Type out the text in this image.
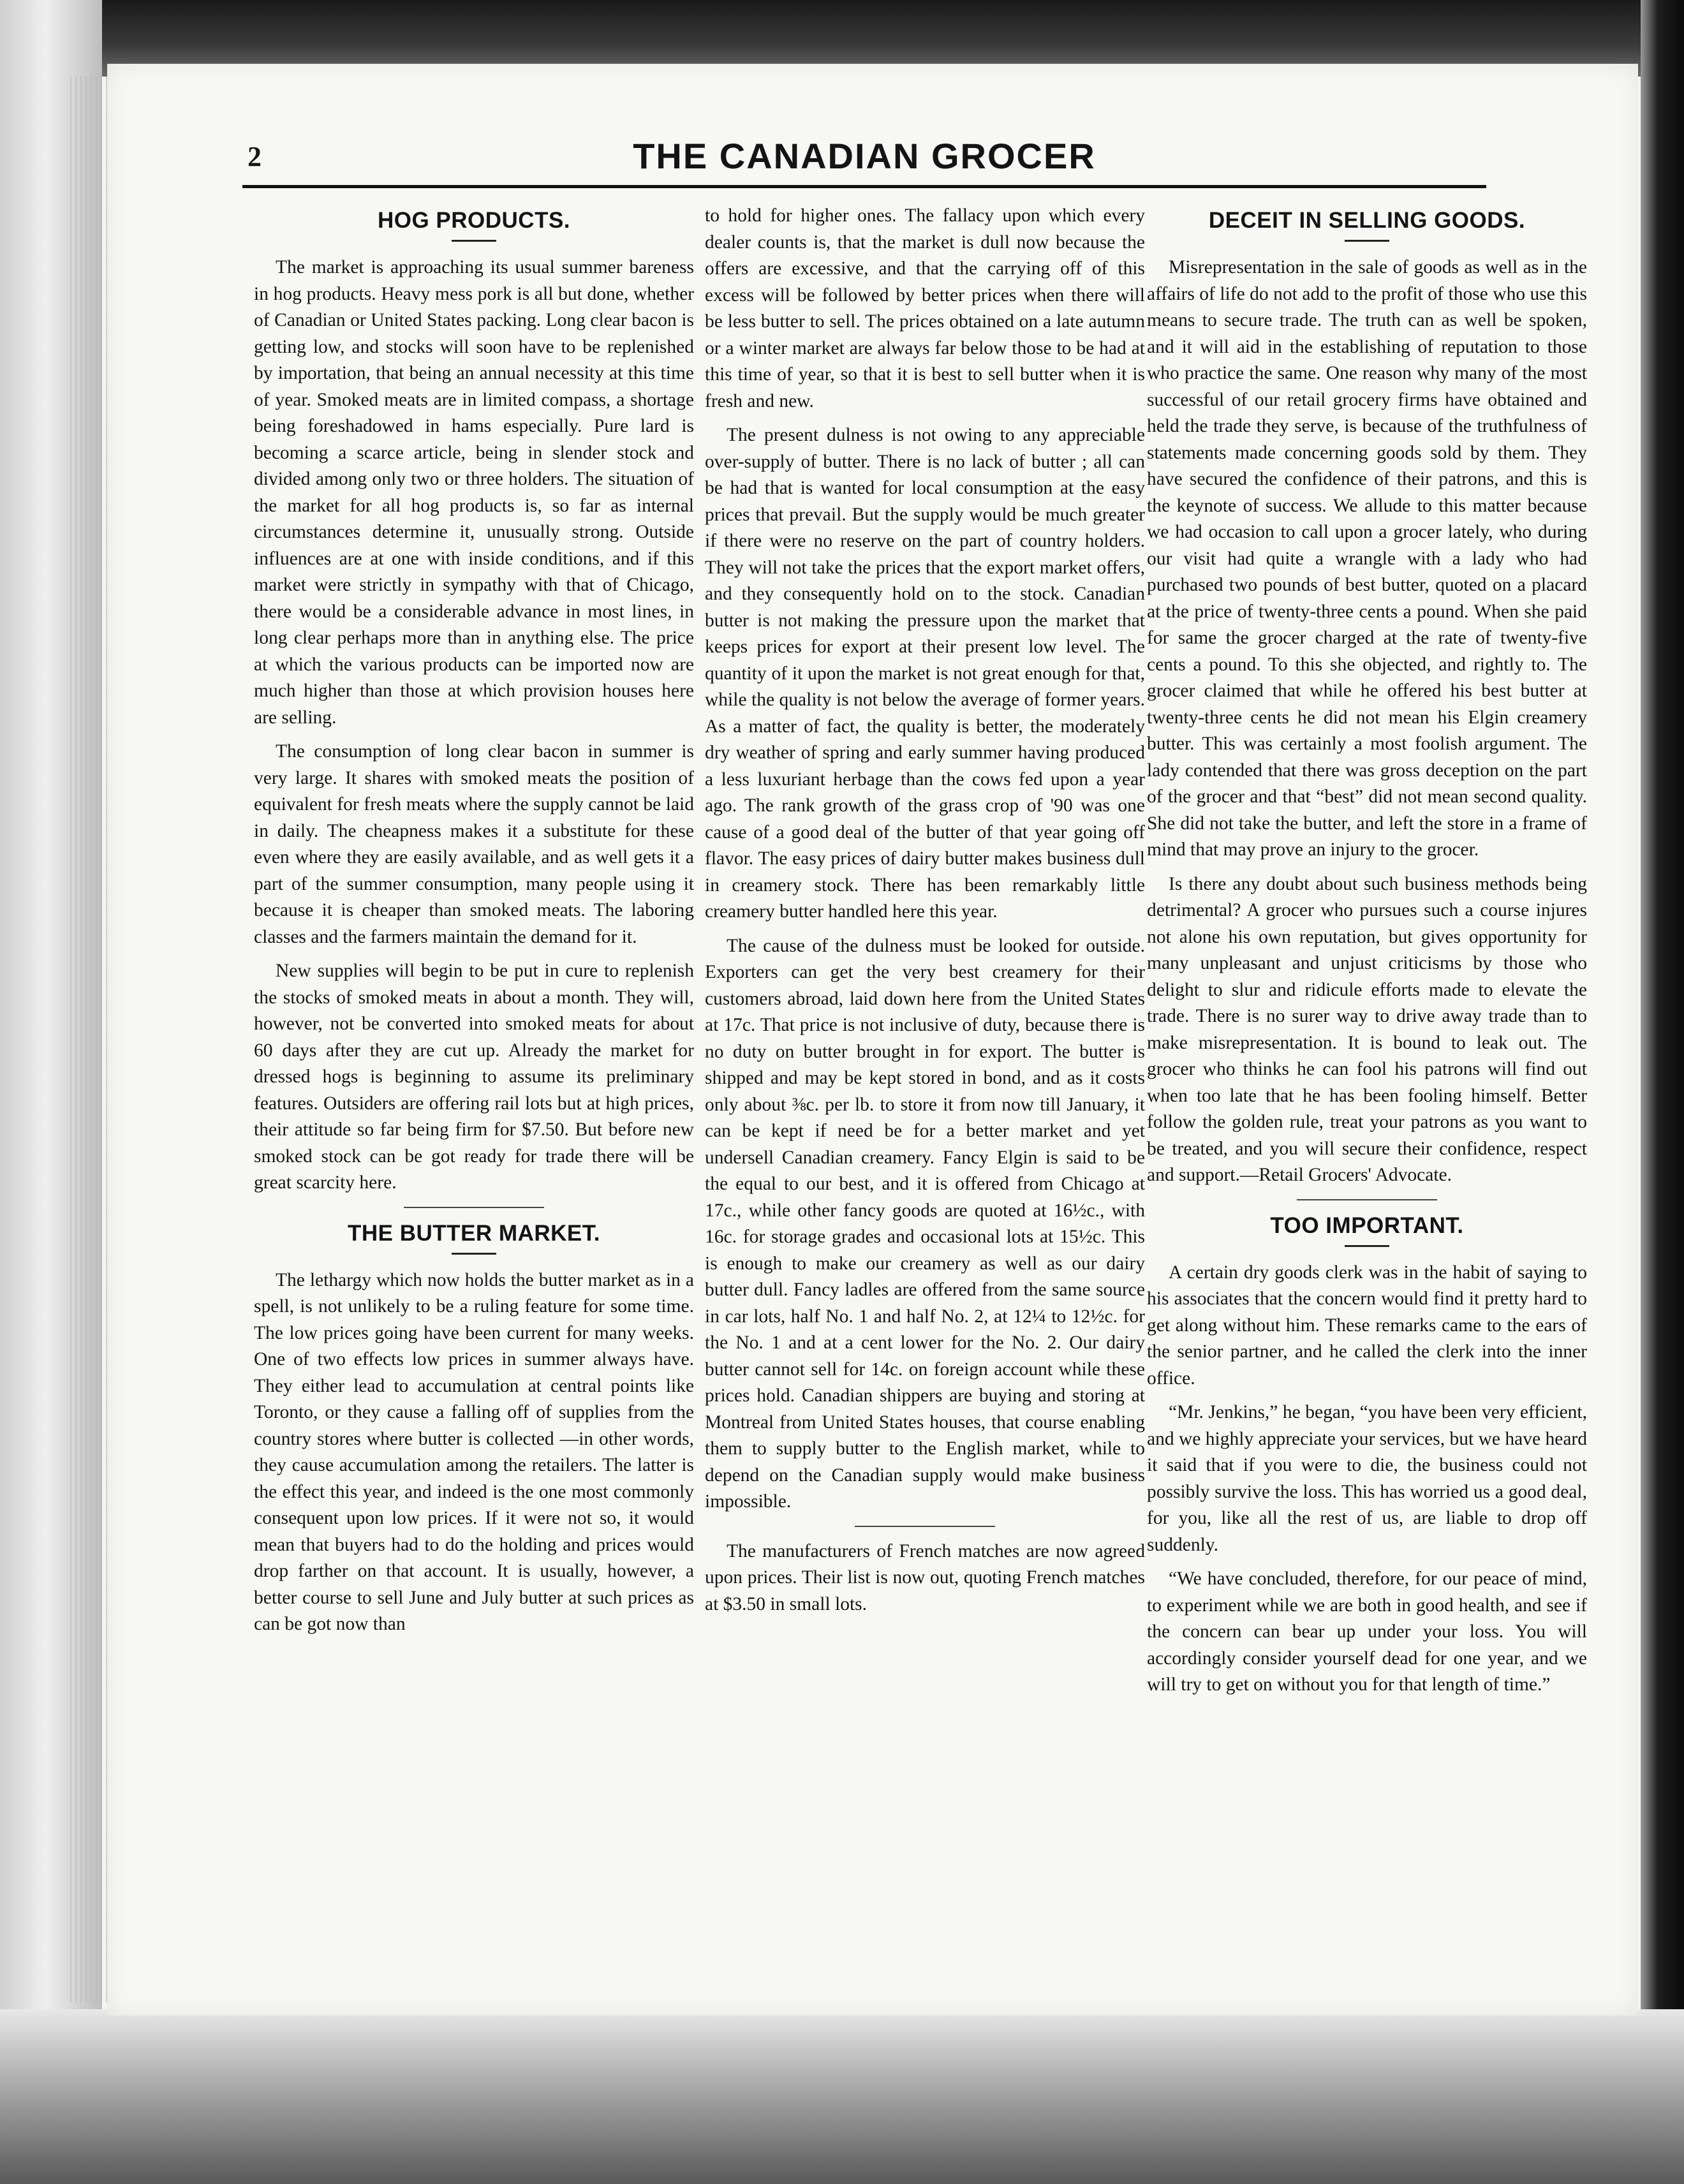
2	THE CANADIAN GROCER
HOG PRODUCTS.

The market is approaching its usual summer bareness in hog products. Heavy mess pork is all but done, whether of Canadian or United States packing. Long clear bacon is getting low, and stocks will soon have to be replenished by importation, that being an annual necessity at this time of year. Smoked meats are in limited compass, a shortage being foreshadowed in hams especially. Pure lard is becoming a scarce article, being in slender stock and divided among only two or three holders. The situation of the market for all hog products is, so far as internal circumstances determine it, unusually strong. Outside influences are at one with inside conditions, and if this market were strictly in sympathy with that of Chicago, there would be a considerable advance in most lines, in long clear perhaps more than in anything else. The price at which the various products can be imported now are much higher than those at which provision houses here are selling.

The consumption of long clear bacon in summer is very large. It shares with smoked meats the position of equivalent for fresh meats where the supply cannot be laid in daily. The cheapness makes it a substitute for these even where they are easily available, and as well gets it a part of the summer consumption, many people using it because it is cheaper than smoked meats. The laboring classes and the farmers maintain the demand for it.

New supplies will begin to be put in cure to replenish the stocks of smoked meats in about a month. They will, however, not be converted into smoked meats for about 60 days after they are cut up. Already the market for dressed hogs is beginning to assume its preliminary features. Outsiders are offering rail lots but at high prices, their attitude so far being firm for $7.50. But before new smoked stock can be got ready for trade there will be great scarcity here.

THE BUTTER MARKET.

The lethargy which now holds the butter market as in a spell, is not unlikely to be a ruling feature for some time. The low prices going have been current for many weeks. One of two effects low prices in summer always have. They either lead to accumulation at central points like Toronto, or they cause a falling off of supplies from the country stores where butter is collected —in other words, they cause accumulation among the retailers. The latter is the effect this year, and indeed is the one most commonly consequent upon low prices. If it were not so, it would mean that buyers had to do the holding and prices would drop farther on that account. It is usually, however, a better course to sell June and July butter at such prices as can be got now than

to hold for higher ones. The fallacy upon which every dealer counts is, that the market is dull now because the offers are excessive, and that the carrying off of this excess will be followed by better prices when there will be less butter to sell. The prices obtained on a late autumn or a winter market are always far below those to be had at this time of year, so that it is best to sell butter when it is fresh and new.

The present dulness is not owing to any appreciable over-supply of butter. There is no lack of butter ; all can be had that is wanted for local consumption at the easy prices that prevail. But the supply would be much greater if there were no reserve on the part of country holders. They will not take the prices that the export market offers, and they consequently hold on to the stock. Canadian butter is not making the pressure upon the market that keeps prices for export at their present low level. The quantity of it upon the market is not great enough for that, while the quality is not below the average of former years. As a matter of fact, the quality is better, the moderately dry weather of spring and early summer having produced a less luxuriant herbage than the cows fed upon a year ago. The rank growth of the grass crop of '90 was one cause of a good deal of the butter of that year going off flavor. The easy prices of dairy butter makes business dull in creamery stock. There has been remarkably little creamery butter handled here this year.

The cause of the dulness must be looked for outside. Exporters can get the very best creamery for their customers abroad, laid down here from the United States at 17c. That price is not inclusive of duty, because there is no duty on butter brought in for export. The butter is shipped and may be kept stored in bond, and as it costs only about ⅜c. per lb. to store it from now till January, it can be kept if need be for a better market and yet undersell Canadian creamery. Fancy Elgin is said to be the equal to our best, and it is offered from Chicago at 17c., while other fancy goods are quoted at 16½c., with 16c. for storage grades and occasional lots at 15½c. This is enough to make our creamery as well as our dairy butter dull. Fancy ladles are offered from the same source in car lots, half No. 1 and half No. 2, at 12¼ to 12½c. for the No. 1 and at a cent lower for the No. 2. Our dairy butter cannot sell for 14c. on foreign account while these prices hold. Canadian shippers are buying and storing at Montreal from United States houses, that course enabling them to supply butter to the English market, while to depend on the Canadian supply would make business impossible.

The manufacturers of French matches are now agreed upon prices. Their list is now out, quoting French matches at $3.50 in small lots.

DECEIT IN SELLING GOODS.

Misrepresentation in the sale of goods as well as in the affairs of life do not add to the profit of those who use this means to secure trade. The truth can as well be spoken, and it will aid in the establishing of reputation to those who practice the same. One reason why many of the most successful of our retail grocery firms have obtained and held the trade they serve, is because of the truthfulness of statements made concerning goods sold by them. They have secured the confidence of their patrons, and this is the keynote of success. We allude to this matter because we had occasion to call upon a grocer lately, who during our visit had quite a wrangle with a lady who had purchased two pounds of best butter, quoted on a placard at the price of twenty-three cents a pound. When she paid for same the grocer charged at the rate of twenty-five cents a pound. To this she objected, and rightly to. The grocer claimed that while he offered his best butter at twenty-three cents he did not mean his Elgin creamery butter. This was certainly a most foolish argument. The lady contended that there was gross deception on the part of the grocer and that “best” did not mean second quality. She did not take the butter, and left the store in a frame of mind that may prove an injury to the grocer.

Is there any doubt about such business methods being detrimental? A grocer who pursues such a course injures not alone his own reputation, but gives opportunity for many unpleasant and unjust criticisms by those who delight to slur and ridicule efforts made to elevate the trade. There is no surer way to drive away trade than to make misrepresentation. It is bound to leak out. The grocer who thinks he can fool his patrons will find out when too late that he has been fooling himself. Better follow the golden rule, treat your patrons as you want to be treated, and you will secure their confidence, respect and support.—Retail Grocers' Advocate.

TOO IMPORTANT.

A certain dry goods clerk was in the habit of saying to his associates that the concern would find it pretty hard to get along without him. These remarks came to the ears of the senior partner, and he called the clerk into the inner office.

“Mr. Jenkins,” he began, “you have been very efficient, and we highly appreciate your services, but we have heard it said that if you were to die, the business could not possibly survive the loss. This has worried us a good deal, for you, like all the rest of us, are liable to drop off suddenly.

“We have concluded, therefore, for our peace of mind, to experiment while we are both in good health, and see if the concern can bear up under your loss. You will accordingly consider yourself dead for one year, and we will try to get on without you for that length of time.”
